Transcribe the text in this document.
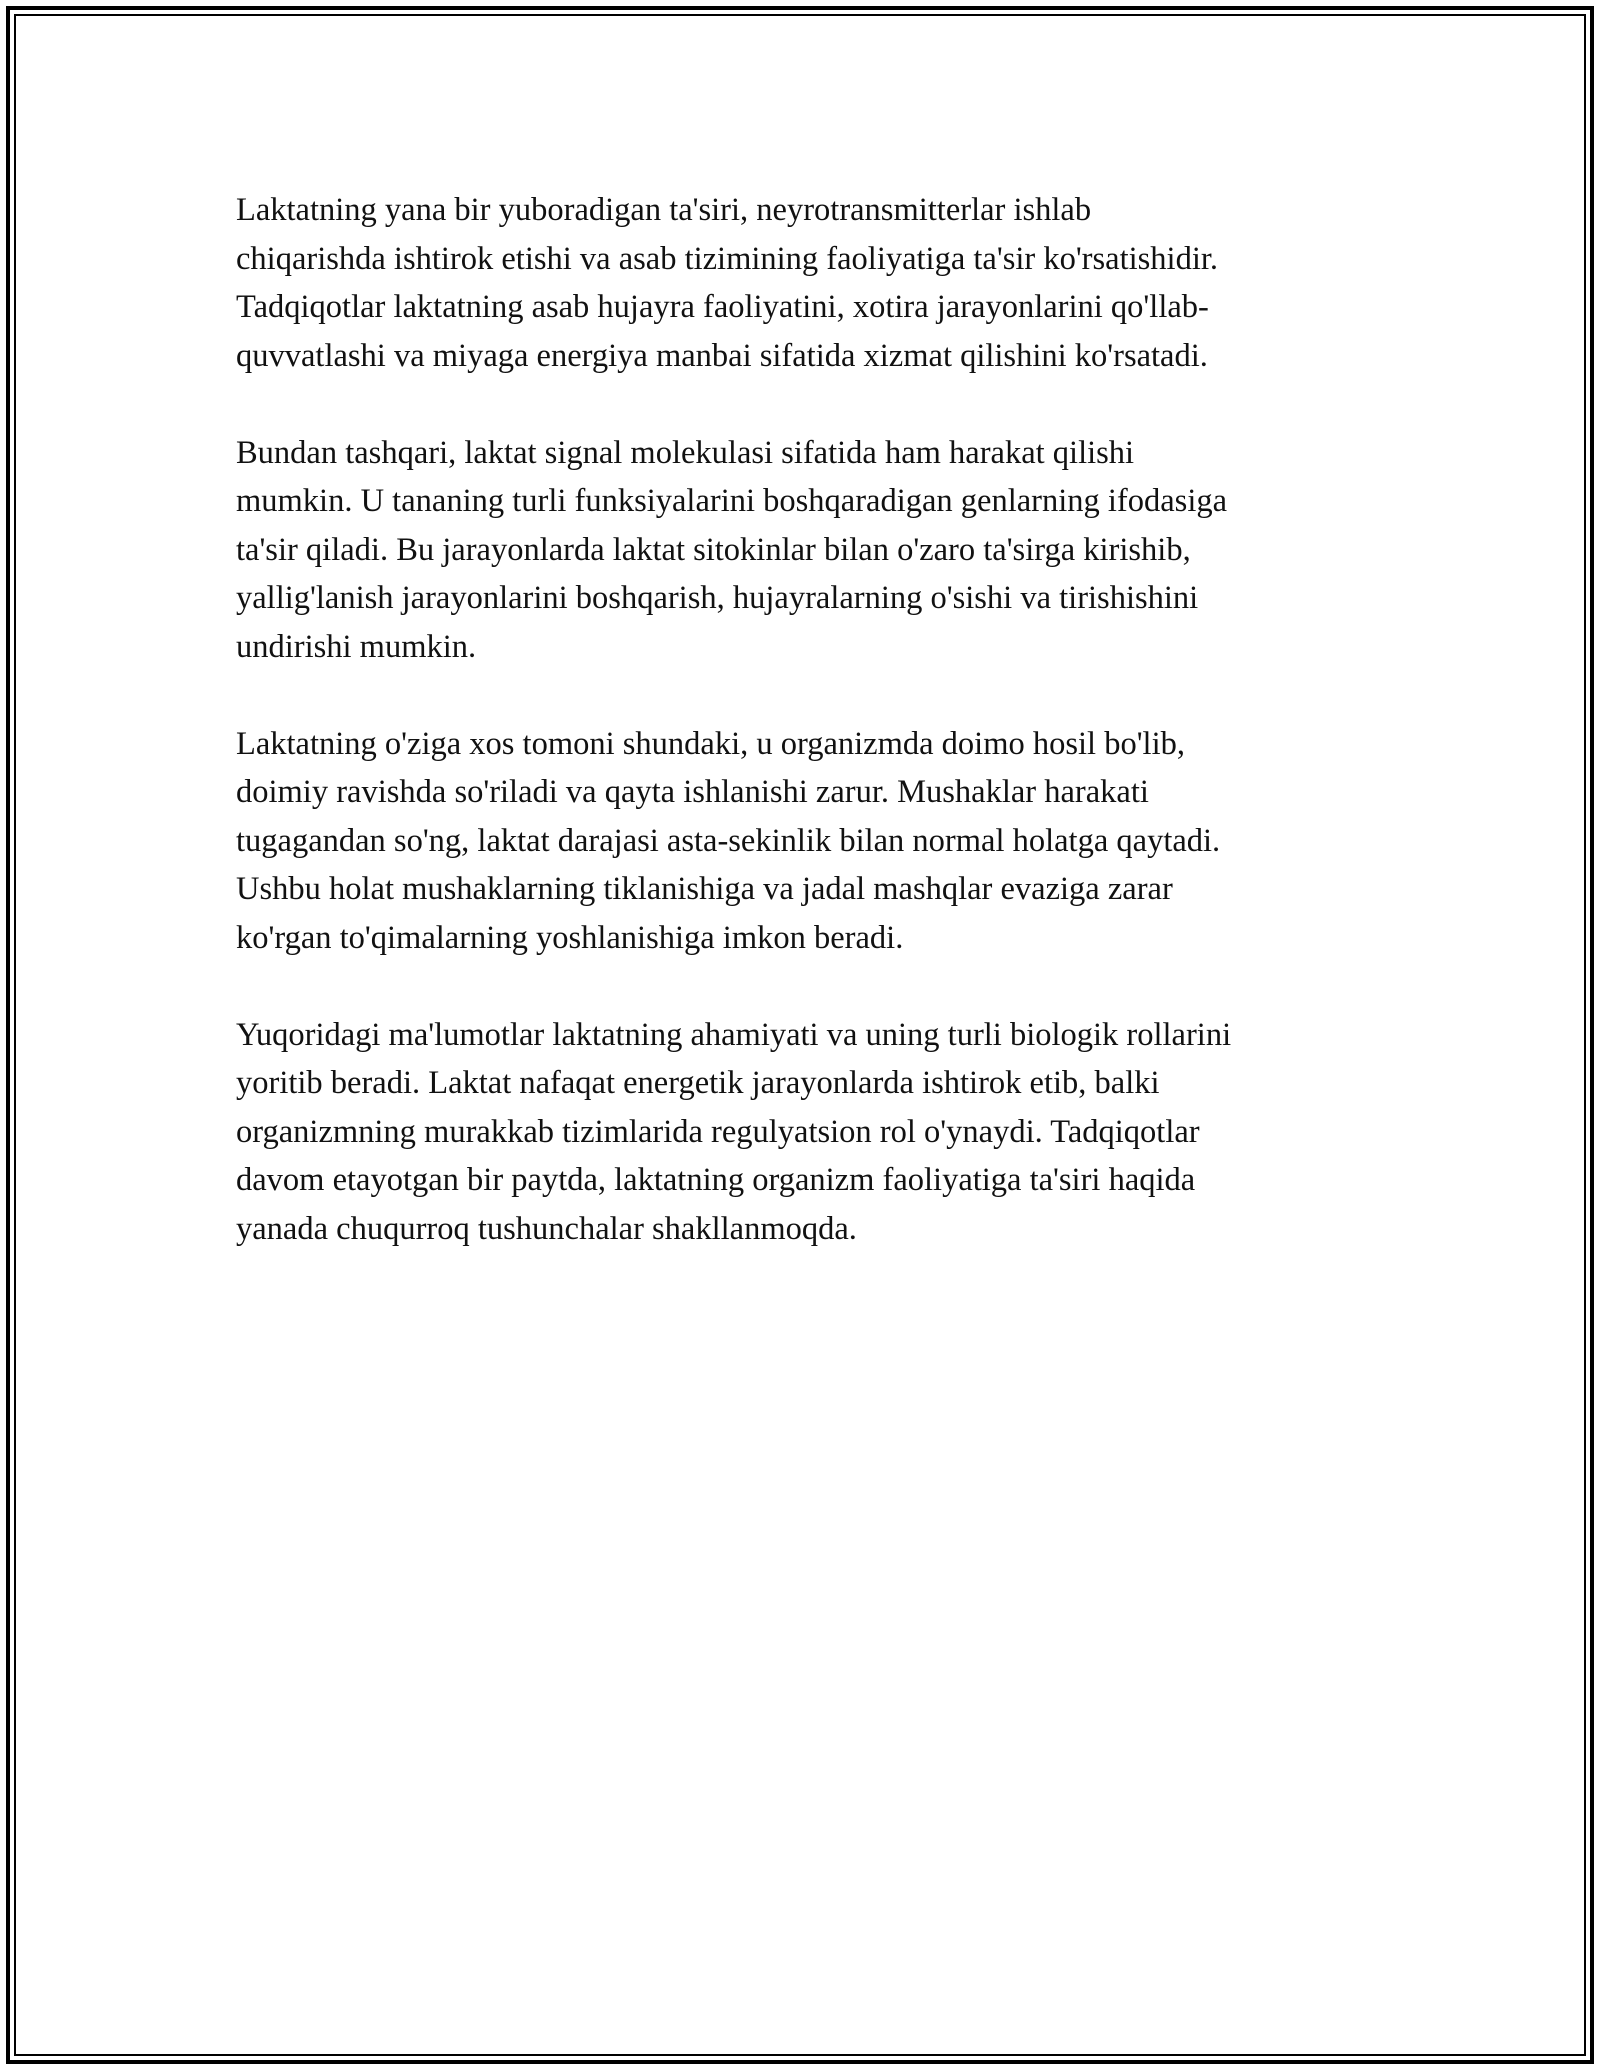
Laktatning yana bir yuboradigan ta'siri, neyrotransmitterlar ishlab
chiqarishda ishtirok etishi va asab tizimining faoliyatiga ta'sir ko'rsatishidir.
Tadqiqotlar laktatning asab hujayra faoliyatini, xotira jarayonlarini qo'llab-
quvvatlashi va miyaga energiya manbai sifatida xizmat qilishini ko'rsatadi.

Bundan tashqari, laktat signal molekulasi sifatida ham harakat qilishi
mumkin. U tananing turli funksiyalarini boshqaradigan genlarning ifodasiga
ta'sir qiladi. Bu jarayonlarda laktat sitokinlar bilan o'zaro ta'sirga kirishib,
yallig'lanish jarayonlarini boshqarish, hujayralarning o'sishi va tirishishini
undirishi mumkin.

Laktatning o'ziga xos tomoni shundaki, u organizmda doimo hosil bo'lib,
doimiy ravishda so'riladi va qayta ishlanishi zarur. Mushaklar harakati
tugagandan so'ng, laktat darajasi asta-sekinlik bilan normal holatga qaytadi.
Ushbu holat mushaklarning tiklanishiga va jadal mashqlar evaziga zarar
ko'rgan to'qimalarning yoshlanishiga imkon beradi.

Yuqoridagi ma'lumotlar laktatning ahamiyati va uning turli biologik rollarini
yoritib beradi. Laktat nafaqat energetik jarayonlarda ishtirok etib, balki
organizmning murakkab tizimlarida regulyatsion rol o'ynaydi. Tadqiqotlar
davom etayotgan bir paytda, laktatning organizm faoliyatiga ta'siri haqida
yanada chuqurroq tushunchalar shakllanmoqda.
